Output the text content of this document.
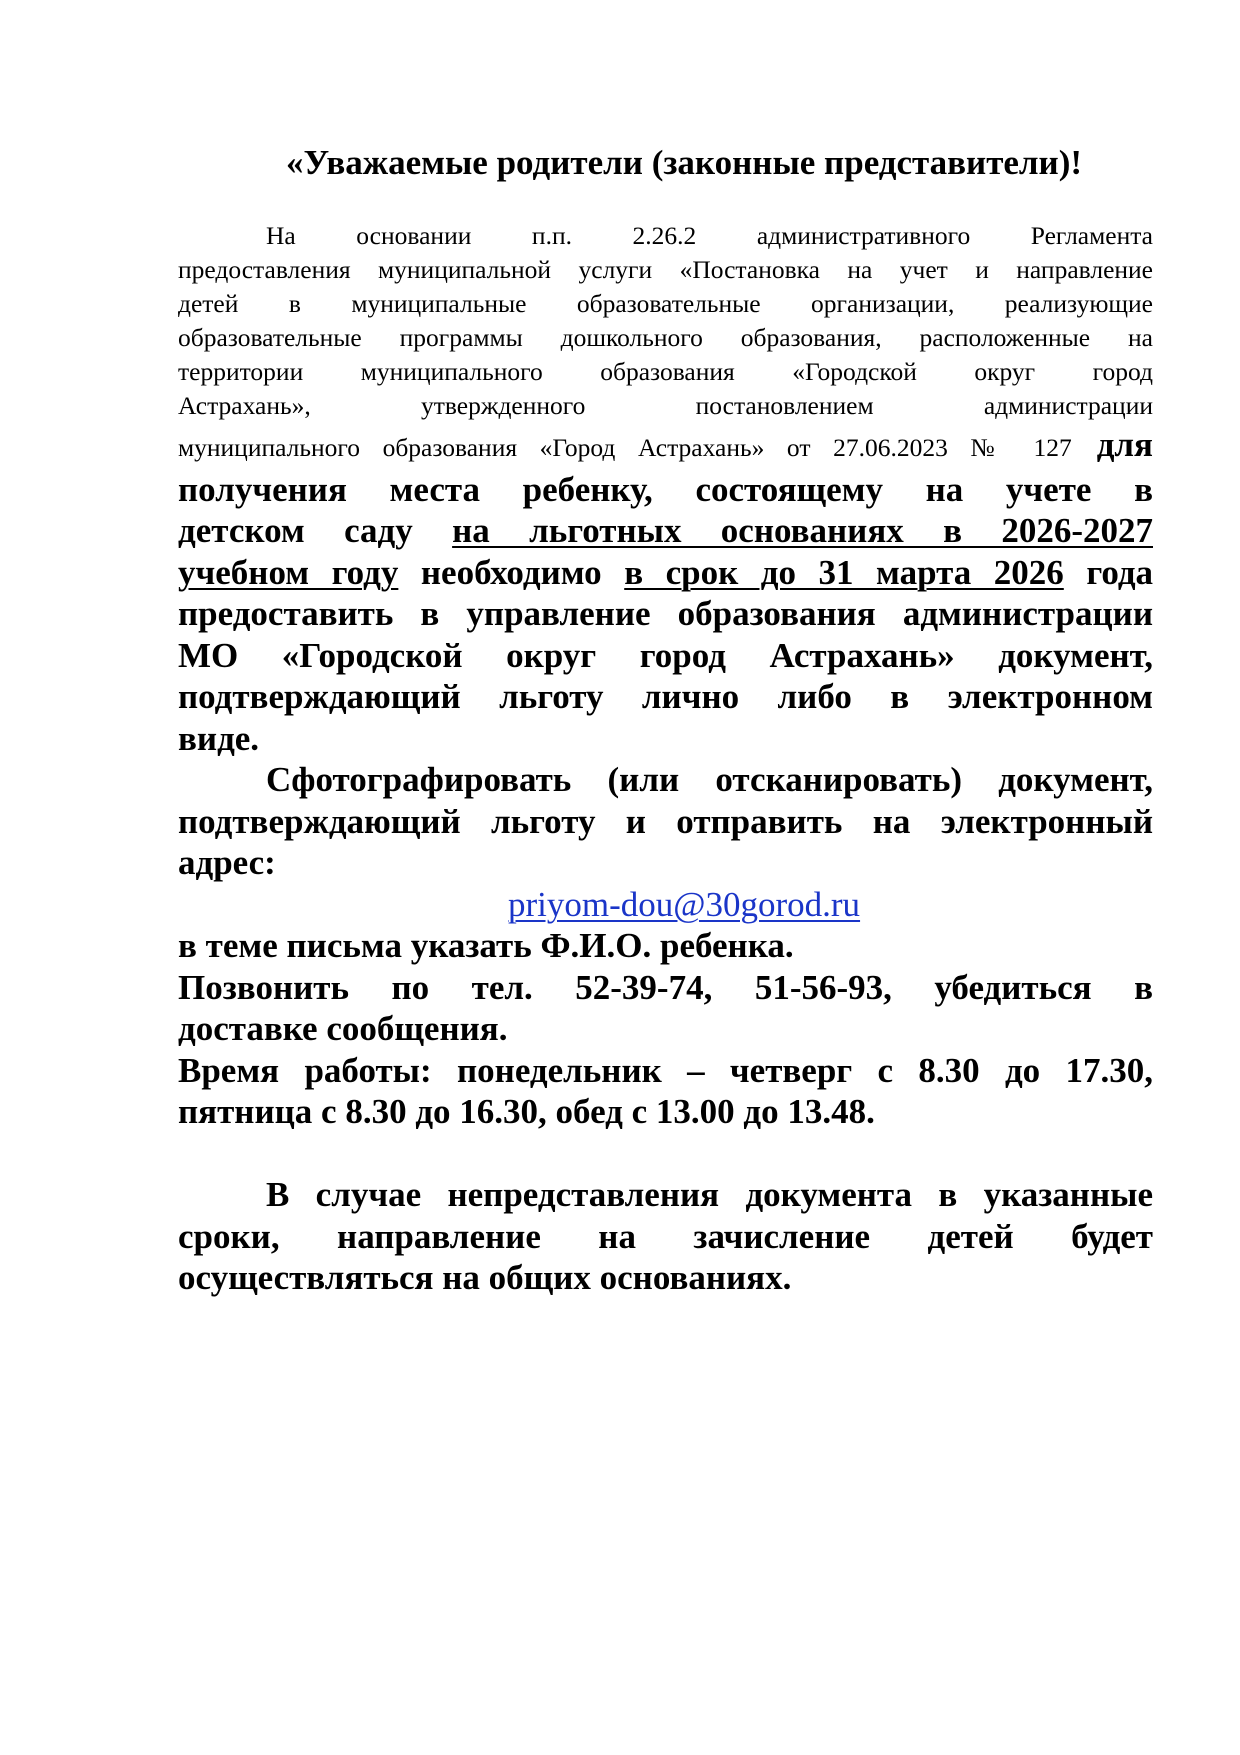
«Уважаемые родители (законные представители)!
На основании п.п. 2.26.2 административного Регламента
предоставления муниципальной услуги «Постановка на учет и направление
детей в муниципальные образовательные организации, реализующие
образовательные программы дошкольного образования, расположенные на
территории муниципального образования «Городской округ город
Астрахань», утвержденного постановлением администрации
муниципального образования «Город Астрахань» от 27.06.2023 № 127 для
получения места ребенку, состоящему на учете в
детском саду на льготных основаниях в 2026-2027
учебном году необходимо в срок до 31 марта 2026 года
предоставить в управление образования администрации
МО «Городской округ город Астрахань» документ,
подтверждающий льготу лично либо в электронном
виде.
Сфотографировать (или отсканировать) документ,
подтверждающий льготу и отправить на электронный
адрес:
priyom-dou@30gorod.ru
в теме письма указать Ф.И.О. ребенка.
Позвонить по тел. 52-39-74, 51-56-93, убедиться в
доставке сообщения.
Время работы: понедельник – четверг с 8.30 до 17.30,
пятница с 8.30 до 16.30, обед с 13.00 до 13.48.
В случае непредставления документа в указанные
сроки, направление на зачисление детей будет
осуществляться на общих основаниях.
